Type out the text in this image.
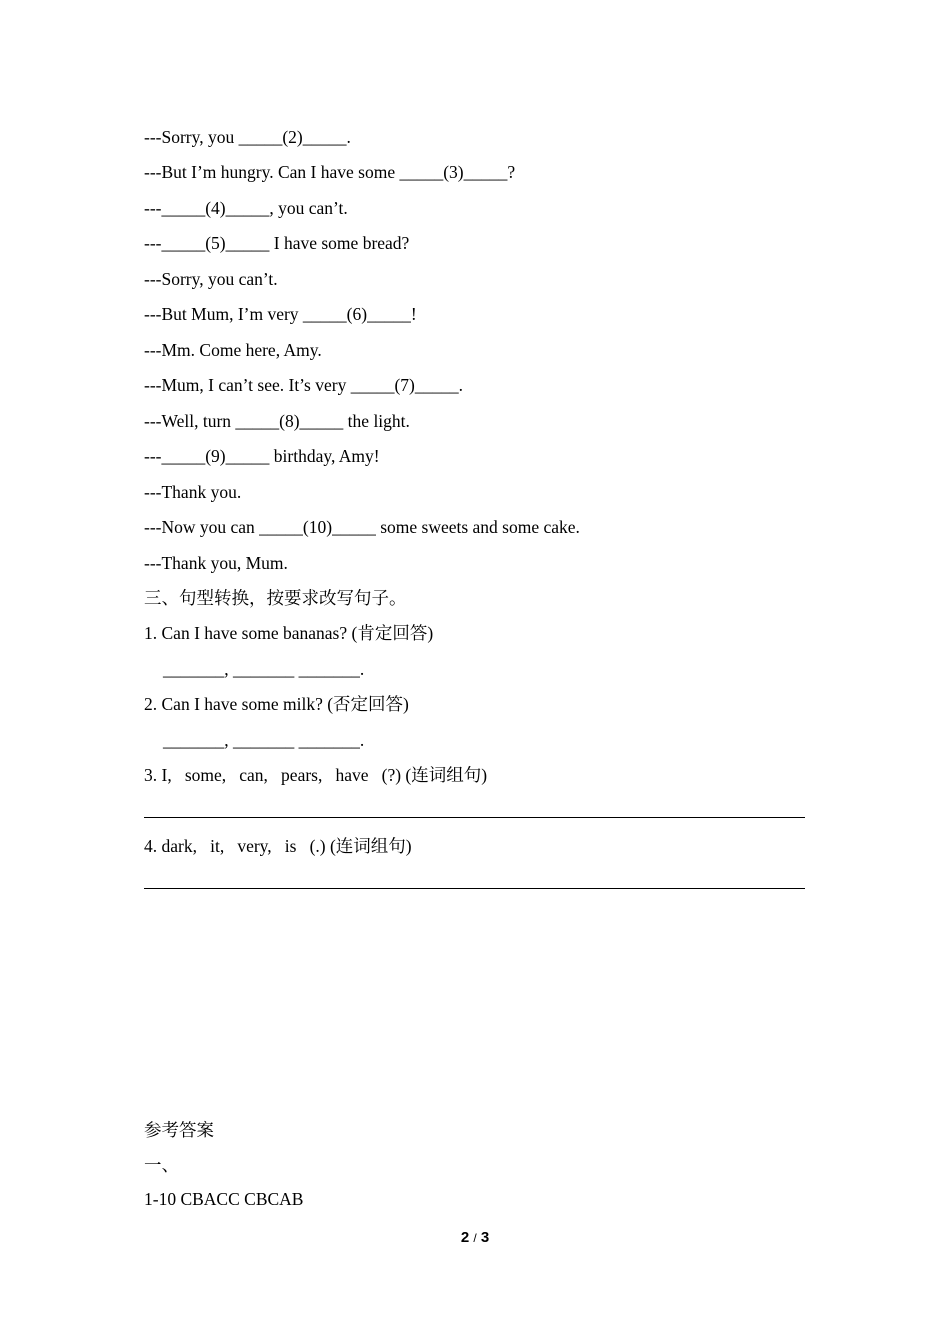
---Sorry, you _____(2)_____.
---But I’m hungry. Can I have some _____(3)_____?
---_____(4)_____, you can’t.
---_____(5)_____ I have some bread?
---Sorry, you can’t.
---But Mum, I’m very _____(6)_____!
---Mm. Come here, Amy.
---Mum, I can’t see. It’s very _____(7)_____.
---Well, turn _____(8)_____ the light.
---_____(9)_____ birthday, Amy!
---Thank you.
---Now you can _____(10)_____ some sweets and some cake.
---Thank you, Mum.
三、句型转换，按要求改写句子。
1. Can I have some bananas? (肯定回答)
_______, _______ _______.
2. Can I have some milk? (否定回答)
_______, _______ _______.
3. I,   some,   can,   pears,   have   (?) (连词组句)
4. dark,   it,   very,   is   (.) (连词组句)
参考答案
一、
1-10 CBACC CBCAB
2 / 3
